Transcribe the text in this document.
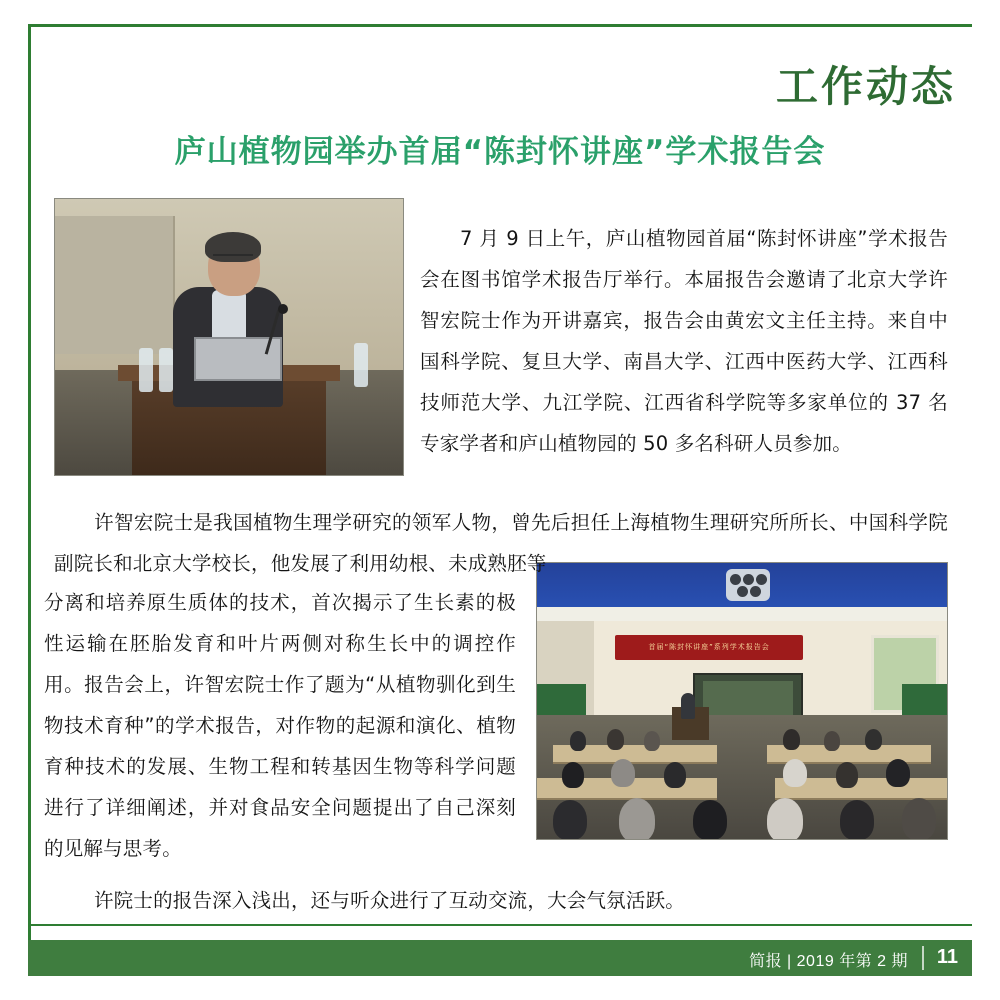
工作动态
庐山植物园举办首届“陈封怀讲座”学术报告会
首届“陈封怀讲座”系列学术报告会

7 月 9 日上午，庐山植物园首届“陈封怀讲座”学术报告会在图书馆学术报告厅举行。本届报告会邀请了北京大学许智宏院士作为开讲嘉宾，报告会由黄宏文主任主持。来自中国科学院、复旦大学、南昌大学、江西中医药大学、江西科技师范大学、九江学院、江西省科学院等多家单位的 37 名专家学者和庐山植物园的 50 多名科研人员参加。

许智宏院士是我国植物生理学研究的领军人物，曾先后担任上海植物生理研究所所长、中国科学院副院长和北京大学校长，他发展了利用幼根、未成熟胚等

分离和培养原生质体的技术，首次揭示了生长素的极性运输在胚胎发育和叶片两侧对称生长中的调控作用。报告会上，许智宏院士作了题为“从植物驯化到生物技术育种”的学术报告，对作物的起源和演化、植物育种技术的发展、生物工程和转基因生物等科学问题进行了详细阐述，并对食品安全问题提出了自己深刻的见解与思考。

许院士的报告深入浅出，还与听众进行了互动交流，大会气氛活跃。

简报 | 2019 年第 2 期 11
